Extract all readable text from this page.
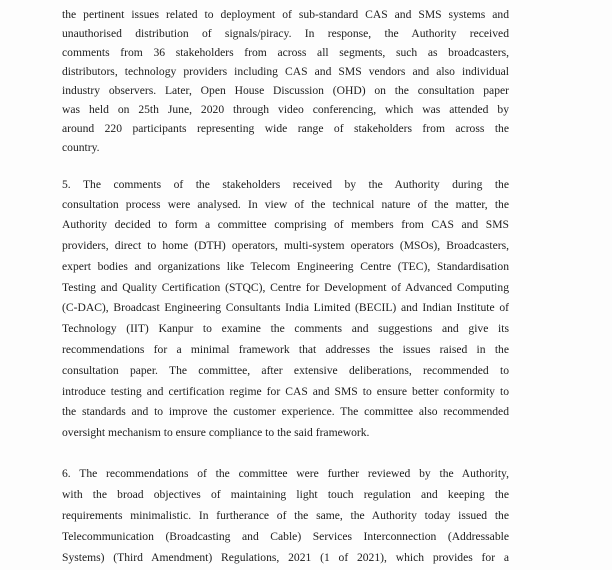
the pertinent issues related to deployment of sub-standard CAS and SMS systems and
unauthorised distribution of signals/piracy. In response, the Authority received
comments from 36 stakeholders from across all segments, such as broadcasters,
distributors, technology providers including CAS and SMS vendors and also individual
industry observers. Later, Open House Discussion (OHD) on the consultation paper
was held on 25th June, 2020 through video conferencing, which was attended by
around 220 participants representing wide range of stakeholders from across the
country.
5. The comments of the stakeholders received by the Authority during the
consultation process were analysed. In view of the technical nature of the matter, the
Authority decided to form a committee comprising of members from CAS and SMS
providers, direct to home (DTH) operators, multi-system operators (MSOs), Broadcasters,
expert bodies and organizations like Telecom Engineering Centre (TEC), Standardisation
Testing and Quality Certification (STQC), Centre for Development of Advanced Computing
(C-DAC), Broadcast Engineering Consultants India Limited (BECIL) and Indian Institute of
Technology (IIT) Kanpur to examine the comments and suggestions and give its
recommendations for a minimal framework that addresses the issues raised in the
consultation paper. The committee, after extensive deliberations, recommended to
introduce testing and certification regime for CAS and SMS to ensure better conformity to
the standards and to improve the customer experience. The committee also recommended
oversight mechanism to ensure compliance to the said framework.
6. The recommendations of the committee were further reviewed by the Authority,
with the broad objectives of maintaining light touch regulation and keeping the
requirements minimalistic. In furtherance of the same, the Authority today issued the
Telecommunication (Broadcasting and Cable) Services Interconnection (Addressable
Systems) (Third Amendment) Regulations, 2021 (1 of 2021), which provides for a
